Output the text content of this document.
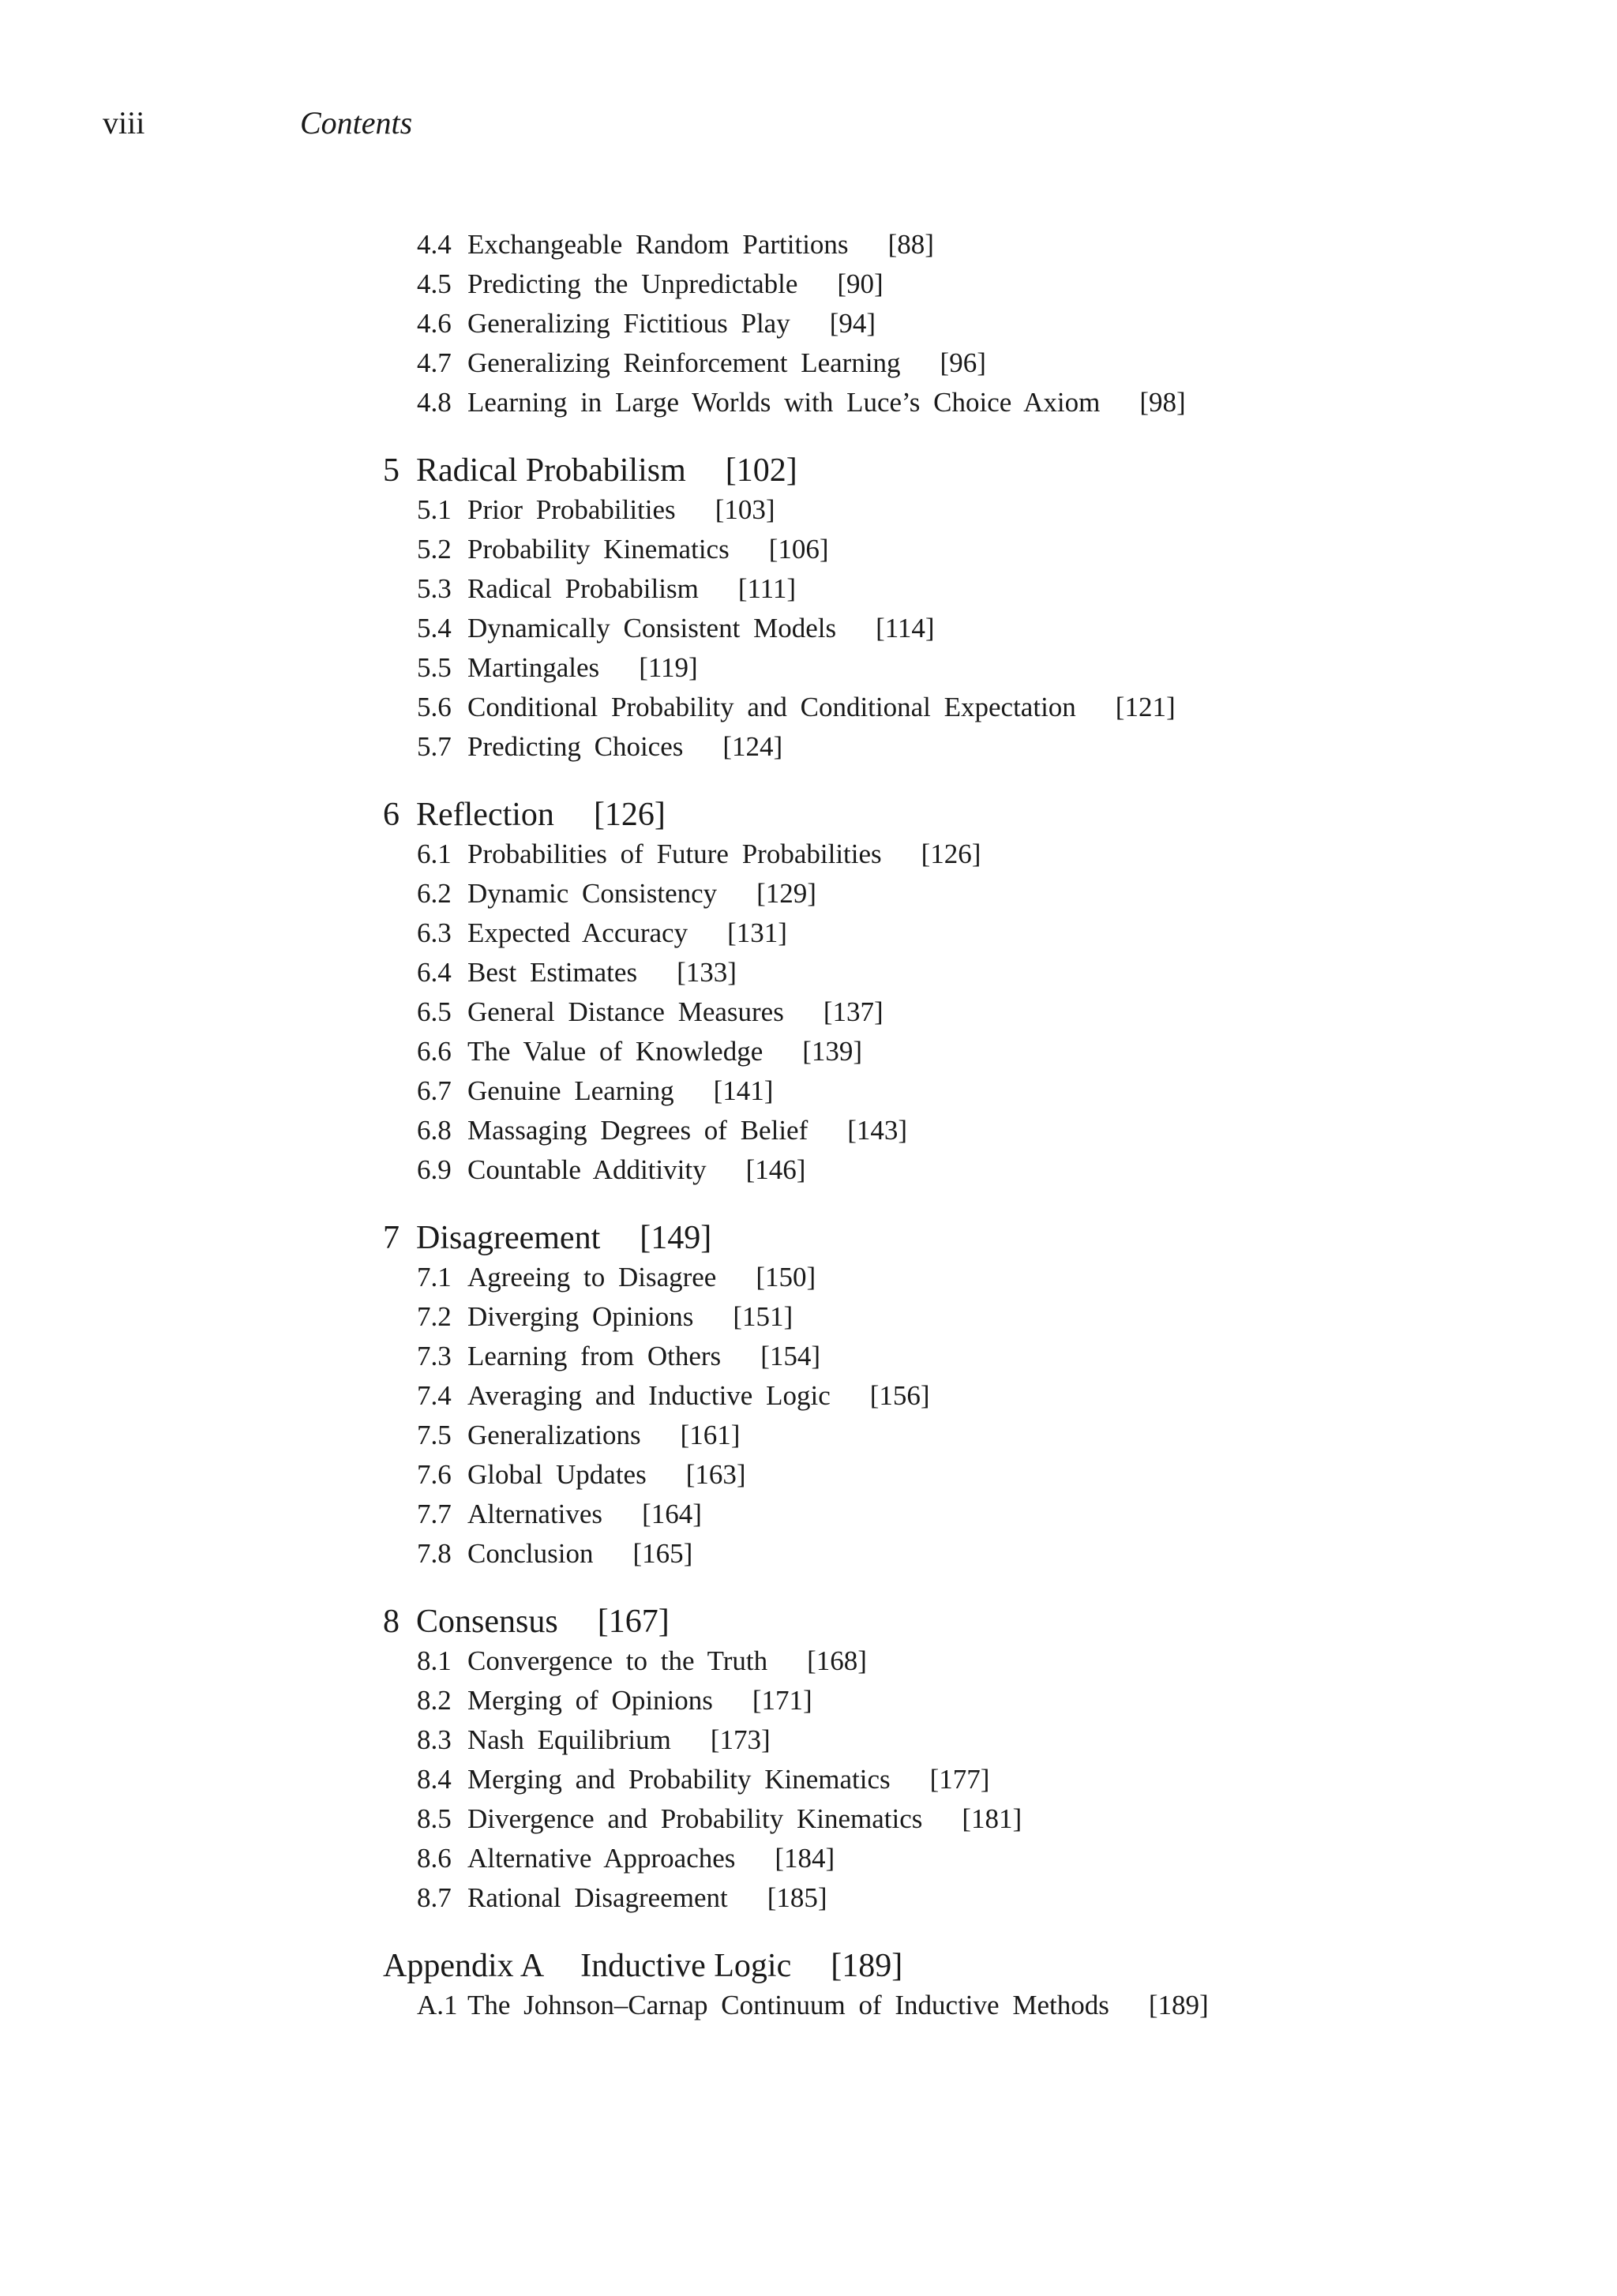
viii	Contents
4.4 Exchangeable Random Partitions [88]
4.5 Predicting the Unpredictable [90]
4.6 Generalizing Fictitious Play [94]
4.7 Generalizing Reinforcement Learning [96]
4.8 Learning in Large Worlds with Luce’s Choice Axiom [98]
5 Radical Probabilism [102]
5.1 Prior Probabilities [103]
5.2 Probability Kinematics [106]
5.3 Radical Probabilism [111]
5.4 Dynamically Consistent Models [114]
5.5 Martingales [119]
5.6 Conditional Probability and Conditional Expectation [121]
5.7 Predicting Choices [124]
6 Reflection [126]
6.1 Probabilities of Future Probabilities [126]
6.2 Dynamic Consistency [129]
6.3 Expected Accuracy [131]
6.4 Best Estimates [133]
6.5 General Distance Measures [137]
6.6 The Value of Knowledge [139]
6.7 Genuine Learning [141]
6.8 Massaging Degrees of Belief [143]
6.9 Countable Additivity [146]
7 Disagreement [149]
7.1 Agreeing to Disagree [150]
7.2 Diverging Opinions [151]
7.3 Learning from Others [154]
7.4 Averaging and Inductive Logic [156]
7.5 Generalizations [161]
7.6 Global Updates [163]
7.7 Alternatives [164]
7.8 Conclusion [165]
8 Consensus [167]
8.1 Convergence to the Truth [168]
8.2 Merging of Opinions [171]
8.3 Nash Equilibrium [173]
8.4 Merging and Probability Kinematics [177]
8.5 Divergence and Probability Kinematics [181]
8.6 Alternative Approaches [184]
8.7 Rational Disagreement [185]
Appendix A Inductive Logic [189]
A.1 The Johnson–Carnap Continuum of Inductive Methods [189]
